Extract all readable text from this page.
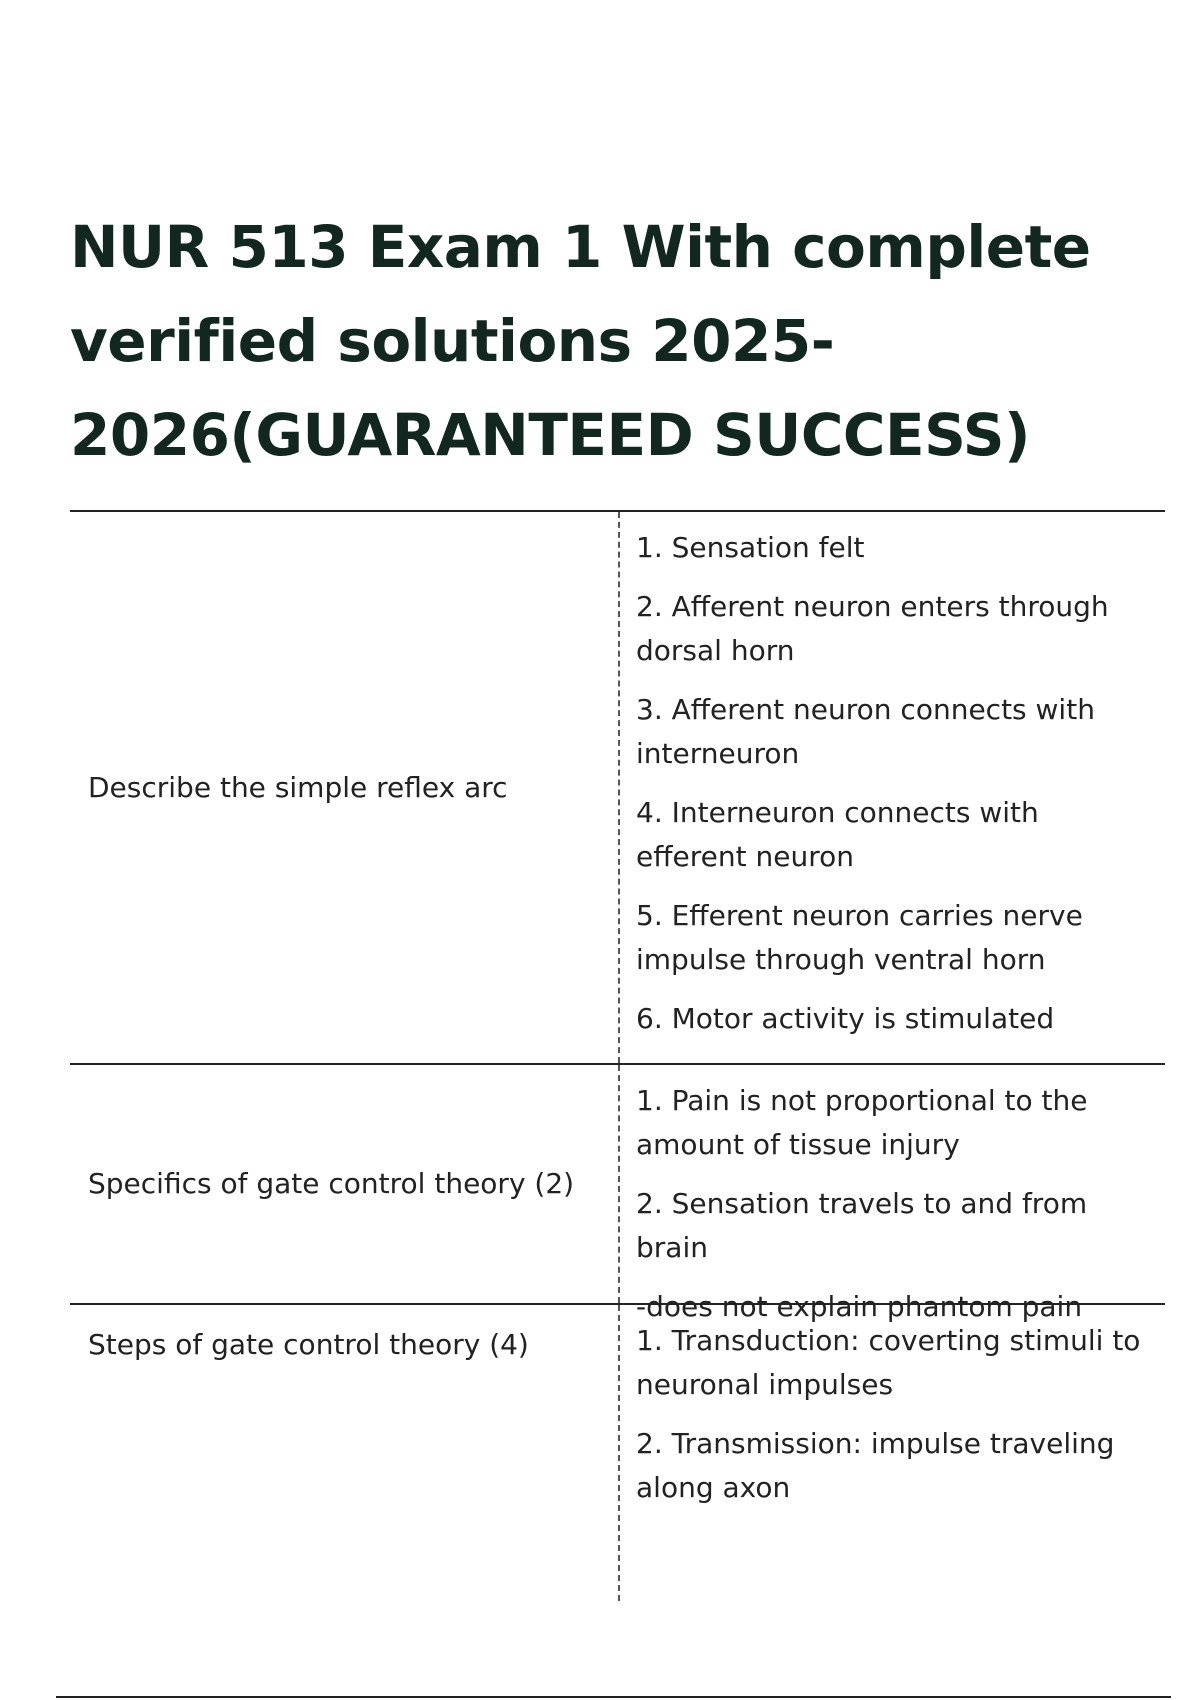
NUR 513 Exam 1 With complete verified solutions 2025-2026(GUARANTEED SUCCESS)
Describe the simple reflex arc

1. Sensation felt

2. Afferent neuron enters through dorsal horn

3. Afferent neuron connects with interneuron

4. Interneuron connects with efferent neuron

5. Efferent neuron carries nerve impulse through ventral horn

6. Motor activity is stimulated

Specifics of gate control theory (2)

1. Pain is not proportional to the amount of tissue injury

2. Sensation travels to and from brain

-does not explain phantom pain

Steps of gate control theory (4)	1. Transduction: coverting stimuli to neuronal impulses

2. Transmission: impulse traveling along axon
